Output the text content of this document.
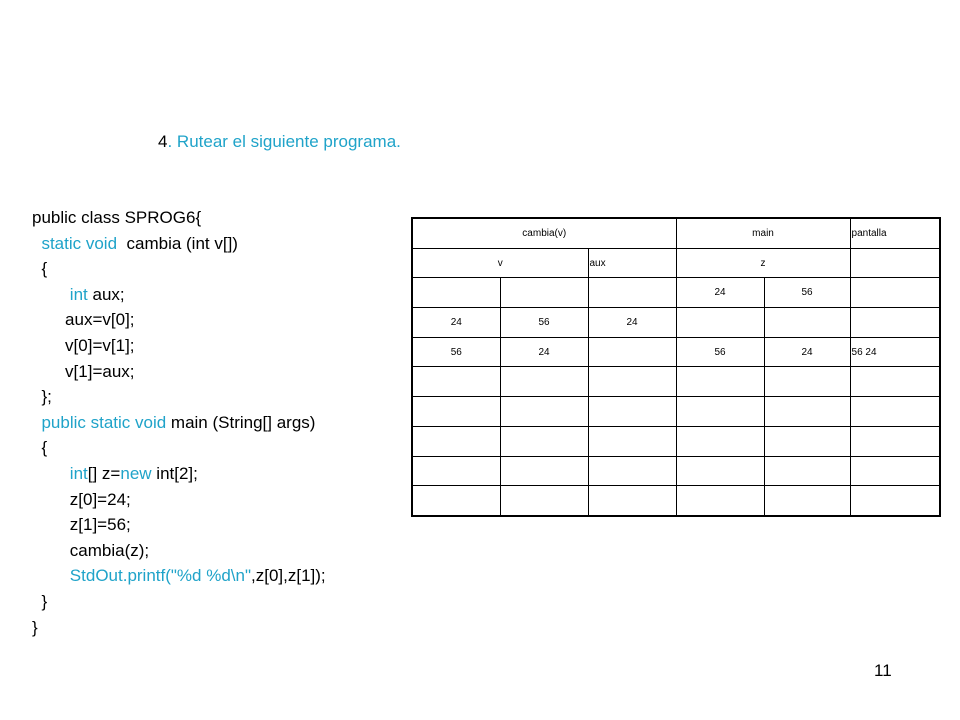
4. Rutear el siguiente programa.
public class SPROG6{
static void  cambia (int v[])
{
int aux;
aux=v[0];
v[0]=v[1];
v[1]=aux;
};
public static void main (String[] args)
{
int[] z=new int[2];
z[0]=24;
z[1]=56;
cambia(z);
StdOut.printf("%d %d\n",z[0],z[1]);
}
}
cambia(v)			main		pantalla
v		aux	z		
			24	56	
24	56	24			
56	24		56	24	56 24

11
